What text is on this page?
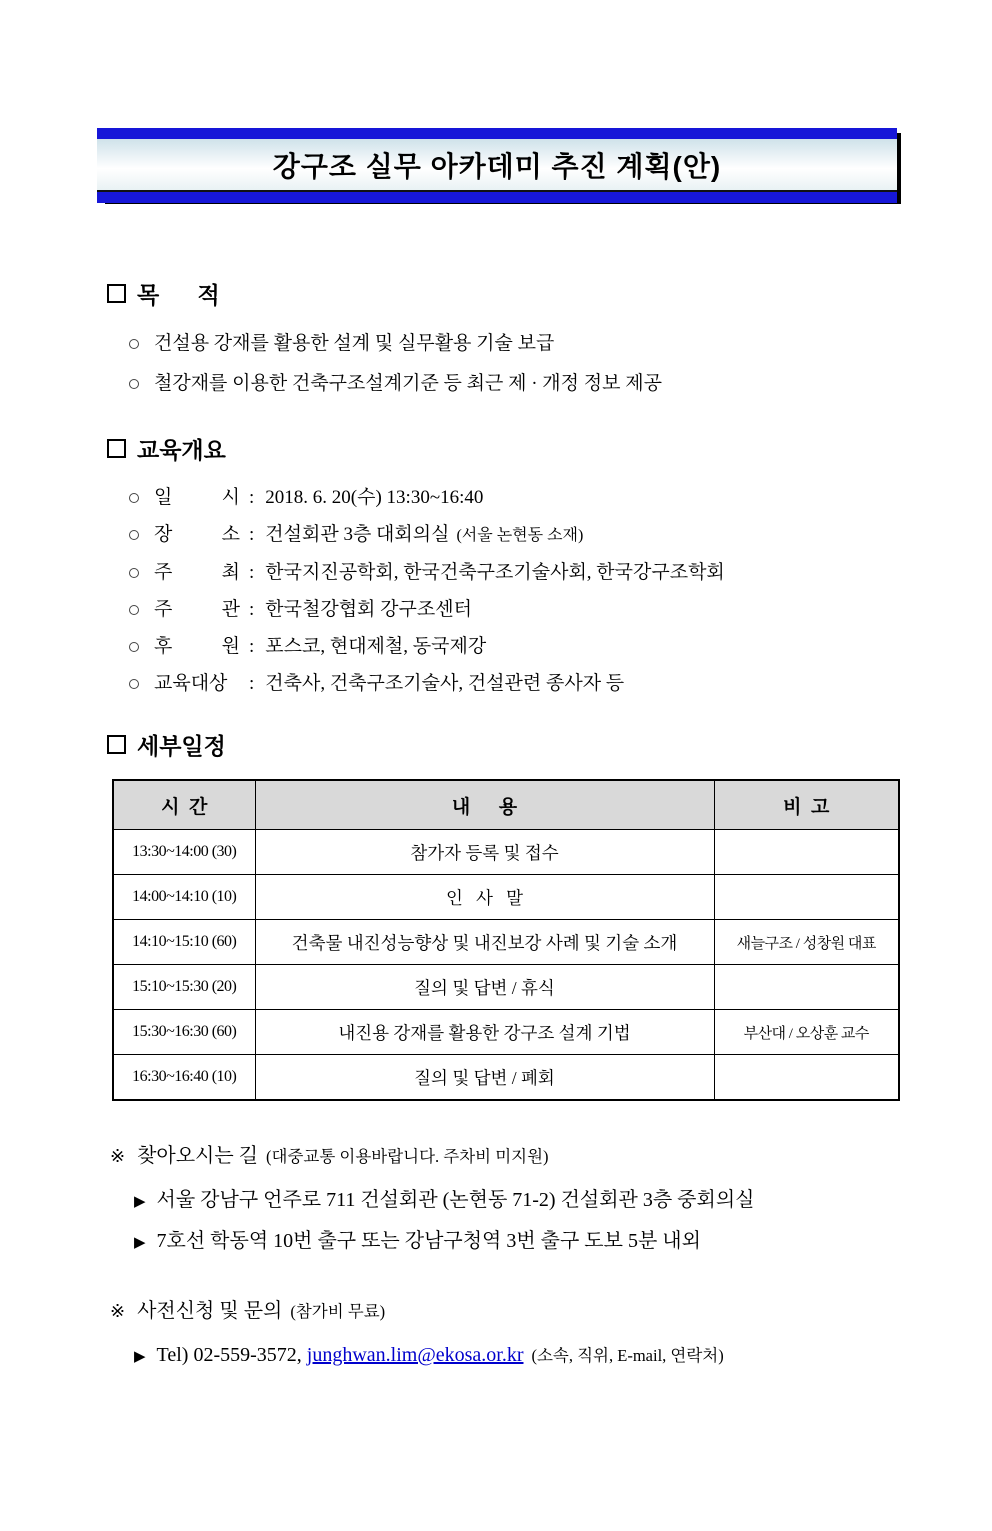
강구조 실무 아카데미 추진 계획(안)
목      적
건설용 강재를 활용한 설계 및 실무활용 기술 보급
철강재를 이용한 건축구조설계기준 등 최근 제 · 개정 정보 제공
교육개요
일 시 : 2018. 6. 20(수) 13:30~16:40
장 소 : 건설회관 3층 대회의실 (서울 논현동 소재)
주 최 : 한국지진공학회, 한국건축구조기술사회, 한국강구조학회
주 관 : 한국철강협회 강구조센터
후 원 : 포스코, 현대제철, 동국제강
교육대상	: 건축사, 건축구조기술사, 건설관련 종사자 등
세부일정
시  간	내      용	비  고
13:30~14:00 (30)	참가자 등록 및 접수	
14:00~14:10 (10)	인   사   말	
14:10~15:10 (60)	건축물 내진성능향상 및 내진보강 사례 및 기술 소개	새늘구조 / 성창원 대표
15:10~15:30 (20)	질의 및 답변 / 휴식	
15:30~16:30 (60)	내진용 강재를 활용한 강구조 설계 기법	부산대 / 오상훈 교수
16:30~16:40 (10)	질의 및 답변 / 폐회	
※ 찾아오시는 길 (대중교통 이용바랍니다. 주차비 미지원)
▶ 서울 강남구 언주로 711 건설회관 (논현동 71-2) 건설회관 3층 중회의실
▶ 7호선 학동역 10번 출구 또는 강남구청역 3번 출구 도보 5분 내외
※ 사전신청 및 문의 (참가비 무료)
▶ Tel) 02-559-3572,
junghwan.lim@ekosa.or.kr (소속, 직위, E-mail, 연락처)
